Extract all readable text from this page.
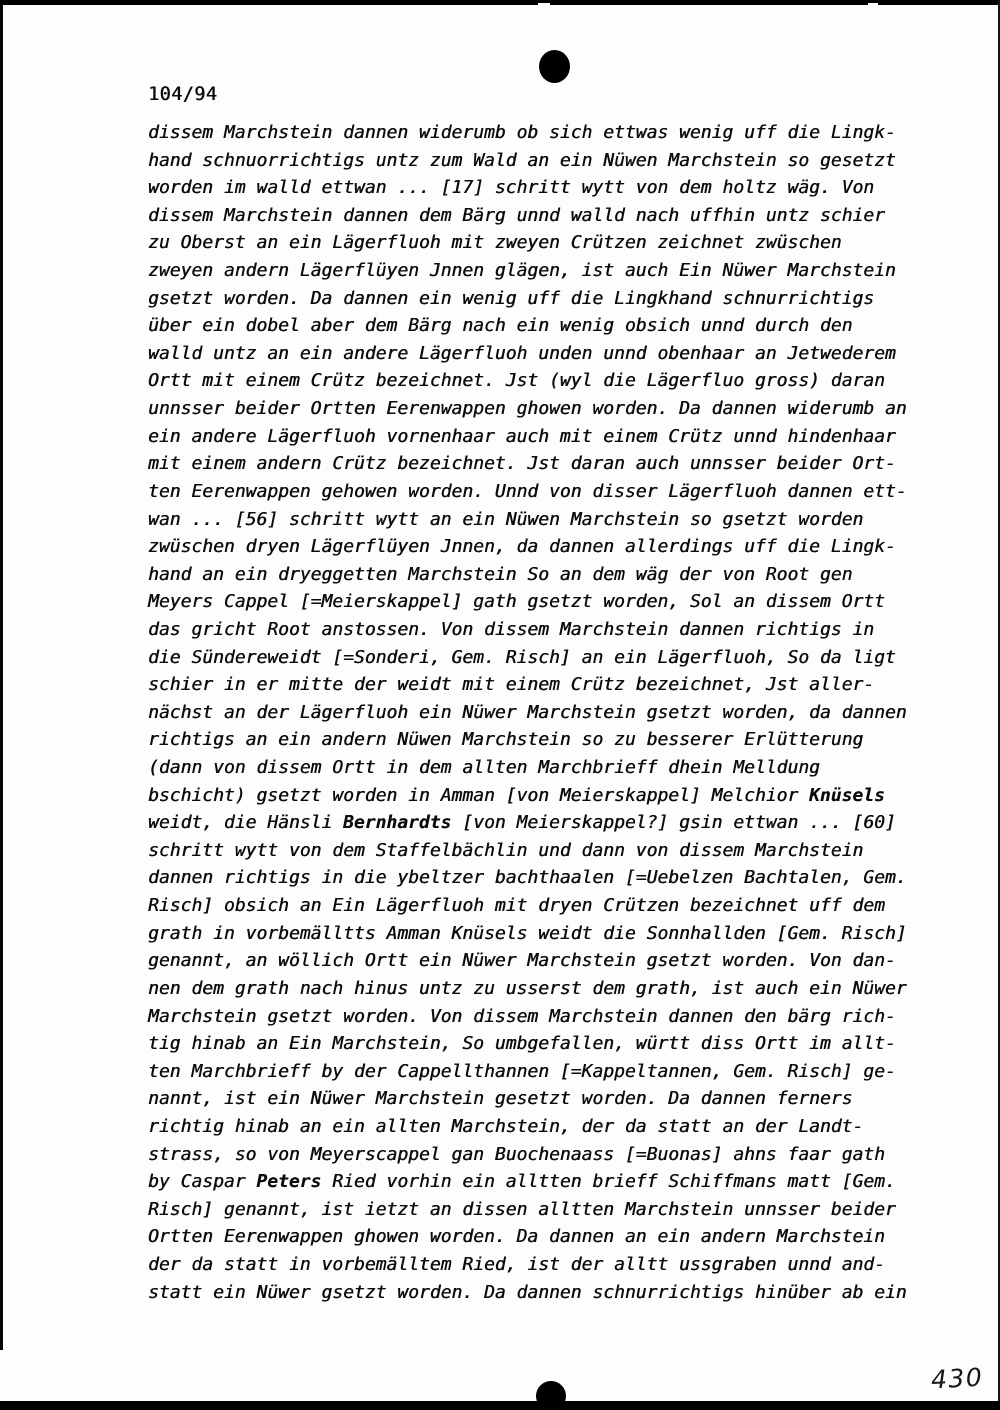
104/94
dissem Marchstein dannen widerumb ob sich ettwas wenig uff die Lingk-
hand schnuorrichtigs untz zum Wald an ein Nüwen Marchstein so gesetzt
worden im walld ettwan ... [17] schritt wytt von dem holtz wäg. Von
dissem Marchstein dannen dem Bärg unnd walld nach uffhin untz schier
zu Oberst an ein Lägerfluoh mit zweyen Crützen zeichnet zwüschen
zweyen andern Lägerflüyen Jnnen glägen, ist auch Ein Nüwer Marchstein
gsetzt worden. Da dannen ein wenig uff die Lingkhand schnurrichtigs
über ein dobel aber dem Bärg nach ein wenig obsich unnd durch den
walld untz an ein andere Lägerfluoh unden unnd obenhaar an Jetwederem
Ortt mit einem Crütz bezeichnet. Jst (wyl die Lägerfluo gross) daran
unnsser beider Ortten Eerenwappen ghowen worden. Da dannen widerumb an
ein andere Lägerfluoh vornenhaar auch mit einem Crütz unnd hindenhaar
mit einem andern Crütz bezeichnet. Jst daran auch unnsser beider Ort-
ten Eerenwappen gehowen worden. Unnd von disser Lägerfluoh dannen ett-
wan ... [56] schritt wytt an ein Nüwen Marchstein so gsetzt worden
zwüschen dryen Lägerflüyen Jnnen, da dannen allerdings uff die Lingk-
hand an ein dryeggetten Marchstein So an dem wäg der von Root gen
Meyers Cappel [=Meierskappel] gath gsetzt worden, Sol an dissem Ortt
das gricht Root anstossen. Von dissem Marchstein dannen richtigs in
die Sündereweidt [=Sonderi, Gem. Risch] an ein Lägerfluoh, So da ligt
schier in er mitte der weidt mit einem Crütz bezeichnet, Jst aller-
nächst an der Lägerfluoh ein Nüwer Marchstein gsetzt worden, da dannen
richtigs an ein andern Nüwen Marchstein so zu besserer Erlütterung
(dann von dissem Ortt in dem allten Marchbrieff dhein Melldung
bschicht) gsetzt worden in Amman [von Meierskappel] Melchior Knüsels
weidt, die Hänsli Bernhardts [von Meierskappel?] gsin ettwan ... [60]
schritt wytt von dem Staffelbächlin und dann von dissem Marchstein
dannen richtigs in die ybeltzer bachthaalen [=Uebelzen Bachtalen, Gem.
Risch] obsich an Ein Lägerfluoh mit dryen Crützen bezeichnet uff dem
grath in vorbemälltts Amman Knüsels weidt die Sonnhallden [Gem. Risch]
genannt, an wöllich Ortt ein Nüwer Marchstein gsetzt worden. Von dan-
nen dem grath nach hinus untz zu usserst dem grath, ist auch ein Nüwer
Marchstein gsetzt worden. Von dissem Marchstein dannen den bärg rich-
tig hinab an Ein Marchstein, So umbgefallen, württ diss Ortt im allt-
ten Marchbrieff by der Cappellthannen [=Kappeltannen, Gem. Risch] ge-
nannt, ist ein Nüwer Marchstein gesetzt worden. Da dannen ferners
richtig hinab an ein allten Marchstein, der da statt an der Landt-
strass, so von Meyerscappel gan Buochenaass [=Buonas] ahns faar gath
by Caspar Peters Ried vorhin ein alltten brieff Schiffmans matt [Gem.
Risch] genannt, ist ietzt an dissen alltten Marchstein unnsser beider
Ortten Eerenwappen ghowen worden. Da dannen an ein andern Marchstein
der da statt in vorbemälltem Ried, ist der alltt ussgraben unnd and-
statt ein Nüwer gsetzt worden. Da dannen schnurrichtigs hinüber ab ein
430
